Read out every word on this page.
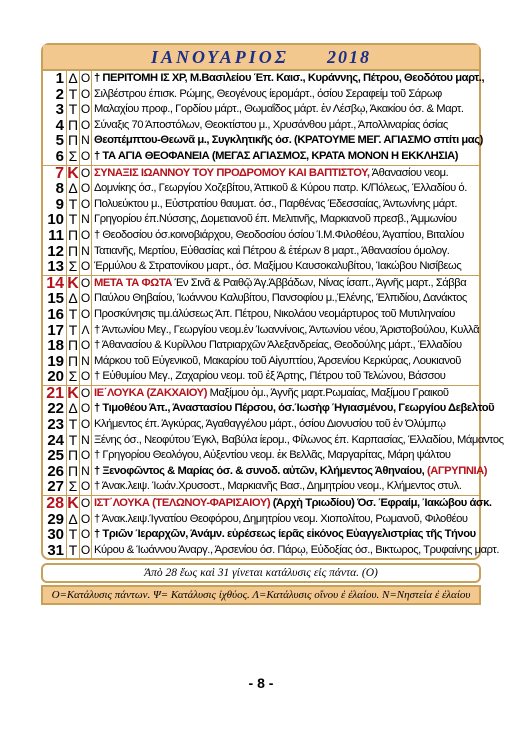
ΙΑΝΟΥΑΡΙΟΣ 2018
1	Δ	Ο	† ΠΕΡΙΤΟΜΗ ΙΣ ΧΡ, Μ.Βασιλείου Έπ. Καισ., Κυράννης, Πέτρου, Θεοδότου μαρτ.,
2	Τ	Ο	Σιλβέστρου έπισκ. Ρώμης, Θεογένους ίερομάρτ., όσίου Σεραφείμ τοῦ Σάρωφ
3	Τ	Ο	Μαλαχίου προφ., Γορδίου μάρτ., Θωμαΐδος μάρτ. ἐν Λέσβῳ, Άκακίου όσ. & Μαρτ.
4	Π	Ο	Σύναξις 70 Άποστόλων, Θεοκτίστου μ., Χρυσάνθου μάρτ., Άπολλιναρίας όσίας
5	Π	Ν	Θεοπέμπτου-Θεωνᾶ μ., Συγκλητικῆς όσ. (ΚΡΑΤΟΥΜΕ ΜΕΓ. ΑΓΙΑΣΜΟ σπίτι μας)
6	Σ	Ο	† ΤΑ ΑΓΙΑ ΘΕΟΦΑΝΕΙΑ (ΜΕΓΑΣ ΑΓΙΑΣΜΟΣ, ΚΡΑΤΑ ΜΟΝΟΝ Η ΕΚΚΛΗΣΙΑ)
7	Κ	Ο	ΣΥΝΑΞΙΣ ΙΩΑΝΝΟΥ ΤΟΥ ΠΡΟΔΡΟΜΟΥ ΚΑΙ ΒΑΠΤΙΣΤΟΥ, Άθανασίου νεομ.
8	Δ	Ο	Δομνίκης όσ., Γεωργίου Χοζεβίτου, Άττικοῦ & Κύρου πατρ. Κ/Πόλεως, Έλλαδίου ό.
9	Τ	Ο	Πολυεύκτου μ., Εὐστρατίου θαυματ. όσ., Παρθένας Έδεσσαίας, Άντωνίνης μάρτ.
10	Τ	Ν	Γρηγορίου έπ.Νύσσης, Δομετιανοῦ έπ. Μελιτινῆς, Μαρκιανοῦ πρεσβ., Άμμωνίου
11	Π	Ο	† Θεοδοσίου όσ.κοινοβιάρχου, Θεοδοσίου όσίου Ί.Μ.Φιλοθέου, Άγαπίου, Βιταλίου
12	Π	Ν	Τατιανῆς, Μερτίου, Εὐθασίας καὶ Πέτρου & ἑτέρων 8 μαρτ., Άθανασίου όμολογ.
13	Σ	Ο	Έρμύλου & Στρατονίκου μαρτ., όσ. Μαξίμου Καυσοκαλυβίτου, Ίακώβου Νισίβεως
14	Κ	Ο	ΜΕΤΑ ΤΑ ΦΩΤΑ Έν Σινᾶ & Ραιθῷ Άγ.Άββάδων, Νίνας ίσαπ., Άγνῆς μαρτ., Σάββα
15	Δ	Ο	Παύλου Θηβαίου, Ίωάννου Καλυβίτου, Πανσοφίου μ.,Έλένης, Έλπιδίου, Δανάκτος
16	Τ	Ο	Προσκύνησις τιμ.άλύσεως Άπ. Πέτρου, Νικολάου νεομάρτυρος τοῦ Μυτιληναίου
17	Τ	Λ	† Άντωνίου Μεγ., Γεωργίου νεομ.ἐν Ίωαννίνοις, Άντωνίου νέου, Άριστοβούλου, Κυλλᾶ
18	Π	Ο	† Άθανασίου & Κυρίλλου Πατριαρχῶν Άλεξανδρείας, Θεοδούλης μάρτ., Έλλαδίου
19	Π	Ν	Μάρκου τοῦ Εὐγενικοῦ, Μακαρίου τοῦ Αἰγυπτίου, Άρσενίου Κερκύρας, Λουκιανοῦ
20	Σ	Ο	† Εὐθυμίου Μεγ., Ζαχαρίου νεομ. τοῦ ἐξ Άρτης, Πέτρου τοῦ Τελώνου, Βάσσου
21	Κ	Ο	ΙΕ΄ΛΟΥΚΑ (ΖΑΚΧΑΙΟΥ) Μαξίμου ὁμ., Άγνῆς μαρτ.Ρωμαίας, Μαξίμου Γραικοῦ
22	Δ	Ο	† Τιμοθέου Άπ., Άναστασίου Πέρσου, όσ.Ίωσὴφ Ήγιασμένου, Γεωργίου Δεβελτοῦ
23	Τ	Ο	Κλήμεντος έπ. Άγκύρας, Άγαθαγγέλου μάρτ., όσίου Διονυσίου τοῦ ἐν Όλύμπῳ
24	Τ	Ν	Ξένης όσ., Νεοφύτου Έγκλ, Βαβύλα ίερομ., Φίλωνος έπ. Καρπασίας, Έλλαδίου, Μάμαντος
25	Π	Ο	† Γρηγορίου Θεολόγου, Αὐξεντίου νεομ. ἐκ Βελλᾶς, Μαργαρίτας, Μάρη ψάλτου
26	Π	Ν	† Ξενοφῶντος & Μαρίας όσ. & συνοδ. αὐτῶν, Κλήμεντος Άθηναίου, (ΑΓΡΥΠΝΙΑ)
27	Σ	Ο	† Άνακ.λειψ. Ίωάν.Χρυσοστ., Μαρκιανῆς Βασ., Δημητρίου νεομ., Κλήμεντος στυλ.
28	Κ	Ο	ΙΣΤ΄ΛΟΥΚΑ (ΤΕΛΩΝΟΥ-ΦΑΡΙΣΑΙΟΥ) (Άρχὴ Τριωδίου) Όσ. Έφραίμ, Ίακώβου άσκ.
29	Δ	Ο	† Άνακ.λειψ.Ίγνατίου Θεοφόρου, Δημητρίου νεομ. Χιοπολίτου, Ρωμανοῦ, Φιλοθέου
30	Τ	Ο	† Τριῶν Ίεραρχῶν, Άνάμν. εὑρέσεως ίερᾶς εἰκόνος Εὐαγγελιστρίας τῆς Τήνου
31	Τ	Ο	Κύρου & Ίωάννου Άναργ., Άρσενίου όσ. Πάρῳ, Εὐδοξίας όσ., Βικτωρος, Τρυφαίνης μαρτ.
Άπὸ 28 ἕως καὶ 31 γίνεται κατάλυσις εἰς πάντα. (Ο)
Ο=Κατάλυσις πάντων. Ψ= Κατάλυσις ἰχθύος. Λ=Κατάλυσις οἴνου ἐ ἐλαίου. Ν=Νηστεία ἐ ἐλαίου
- 8 -
